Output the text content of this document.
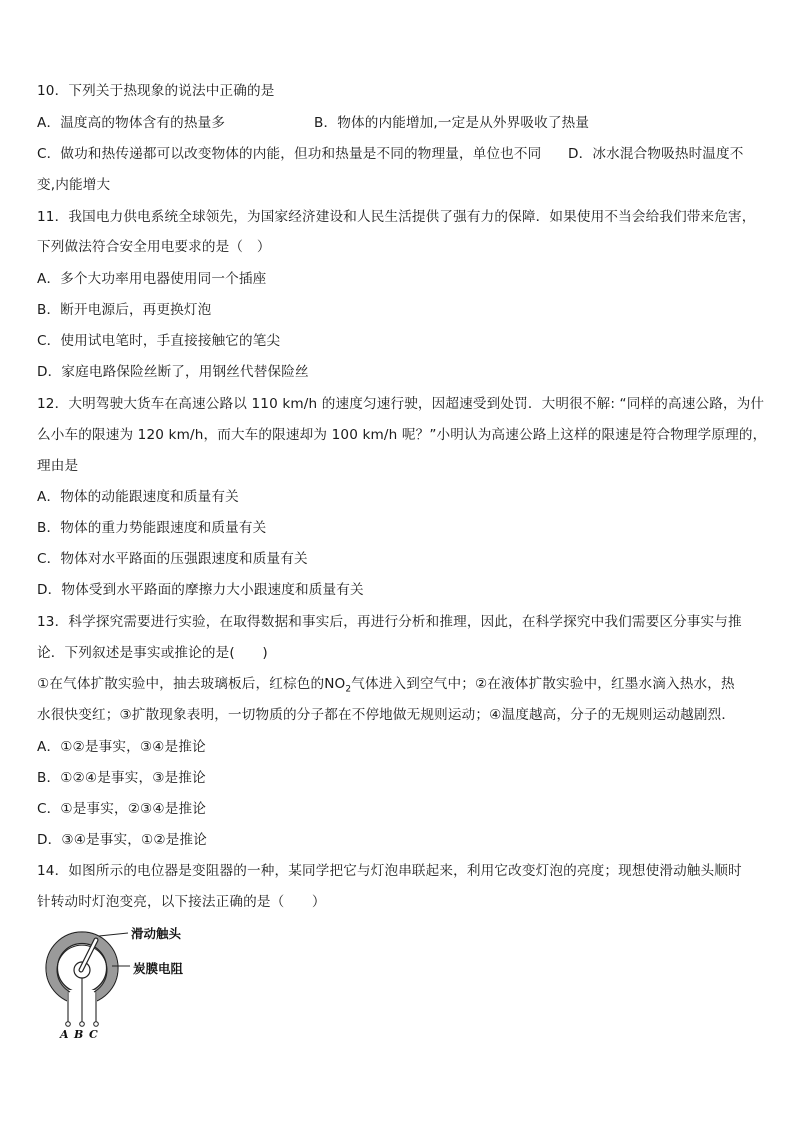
10．下列关于热现象的说法中正确的是
A．温度高的物体含有的热量多	B．物体的内能增加,一定是从外界吸收了热量
C．做功和热传递都可以改变物体的内能，但功和热量是不同的物理量，单位也不同 D．冰水混合物吸热时温度不
变,内能增大
11．我国电力供电系统全球领先，为国家经济建设和人民生活提供了强有力的保障．如果使用不当会给我们带来危害，
下列做法符合安全用电要求的是（　）
A．多个大功率用电器使用同一个插座
B．断开电源后，再更换灯泡
C．使用试电笔时，手直接接触它的笔尖
D．家庭电路保险丝断了，用钢丝代替保险丝
12．大明驾驶大货车在高速公路以 110 km/h 的速度匀速行驶，因超速受到处罚．大明很不解: “同样的高速公路，为什
么小车的限速为 120 km/h，而大车的限速却为 100 km/h 呢？”小明认为高速公路上这样的限速是符合物理学原理的，
理由是
A．物体的动能跟速度和质量有关
B．物体的重力势能跟速度和质量有关
C．物体对水平路面的压强跟速度和质量有关
D．物体受到水平路面的摩擦力大小跟速度和质量有关
13．科学探究需要进行实验，在取得数据和事实后，再进行分析和推理，因此，在科学探究中我们需要区分事实与推
论．下列叙述是事实或推论的是(　　)
①在气体扩散实验中，抽去玻璃板后，红棕色的$NO_2$气体进入到空气中；②在液体扩散实验中，红墨水滴入热水，热
水很快变红；③扩散现象表明，一切物质的分子都在不停地做无规则运动；④温度越高，分子的无规则运动越剧烈．
A．①②是事实，③④是推论
B．①②④是事实，③是推论
C．①是事实，②③④是推论
D．③④是事实，①②是推论
14．如图所示的电位器是变阻器的一种，某同学把它与灯泡串联起来，利用它改变灯泡的亮度；现想使滑动触头顺时
针转动时灯泡变亮，以下接法正确的是（　　）
滑动触头
炭膜电阻
A B C
